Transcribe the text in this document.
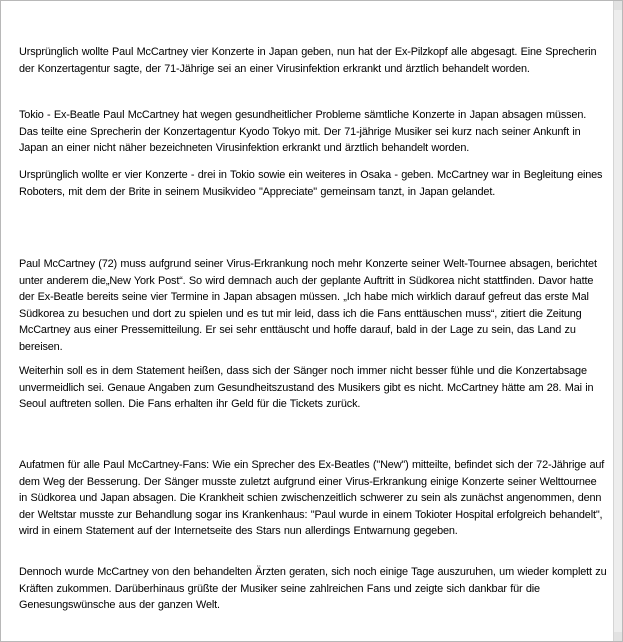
Ursprünglich wollte Paul McCartney vier Konzerte in Japan geben, nun hat der Ex-Pilzkopf alle abgesagt. Eine Sprecherin der Konzertagentur sagte, der 71-Jährige sei an einer Virusinfektion erkrankt und ärztlich behandelt worden.

Tokio - Ex-Beatle Paul McCartney hat wegen gesundheitlicher Probleme sämtliche Konzerte in Japan absagen müssen. Das teilte eine Sprecherin der Konzertagentur Kyodo Tokyo mit. Der 71-jährige Musiker sei kurz nach seiner Ankunft in Japan an einer nicht näher bezeichneten Virusinfektion erkrankt und ärztlich behandelt worden.

Ursprünglich wollte er vier Konzerte - drei in Tokio sowie ein weiteres in Osaka - geben. McCartney war in Begleitung eines Roboters, mit dem der Brite in seinem Musikvideo "Appreciate" gemeinsam tanzt, in Japan gelandet.

Paul McCartney (72) muss aufgrund seiner Virus-Erkrankung noch mehr Konzerte seiner Welt-Tournee absagen, berichtet unter anderem die„New York Post“. So wird demnach auch der geplante Auftritt in Südkorea nicht stattfinden. Davor hatte der Ex-Beatle bereits seine vier Termine in Japan absagen müssen. „Ich habe mich wirklich darauf gefreut das erste Mal Südkorea zu besuchen und dort zu spielen und es tut mir leid, dass ich die Fans enttäuschen muss“, zitiert die Zeitung McCartney aus einer Pressemitteilung. Er sei sehr enttäuscht und hoffe darauf, bald in der Lage zu sein, das Land zu bereisen.

Weiterhin soll es in dem Statement heißen, dass sich der Sänger noch immer nicht besser fühle und die Konzertabsage unvermeidlich sei. Genaue Angaben zum Gesundheitszustand des Musikers gibt es nicht. McCartney hätte am 28. Mai in Seoul auftreten sollen. Die Fans erhalten ihr Geld für die Tickets zurück.

Aufatmen für alle Paul McCartney-Fans: Wie ein Sprecher des Ex-Beatles ("New") mitteilte, befindet sich der 72-Jährige auf dem Weg der Besserung. Der Sänger musste zuletzt aufgrund einer Virus-Erkrankung einige Konzerte seiner Welttournee in Südkorea und Japan absagen. Die Krankheit schien zwischenzeitlich schwerer zu sein als zunächst angenommen, denn der Weltstar musste zur Behandlung sogar ins Krankenhaus: "Paul wurde in einem Tokioter Hospital erfolgreich behandelt", wird in einem Statement auf der Internetseite des Stars nun allerdings Entwarnung gegeben.

Dennoch wurde McCartney von den behandelten Ärzten geraten, sich noch einige Tage auszuruhen, um wieder komplett zu Kräften zukommen. Darüberhinaus grüßte der Musiker seine zahlreichen Fans und zeigte sich dankbar für die Genesungswünsche aus der ganzen Welt.
